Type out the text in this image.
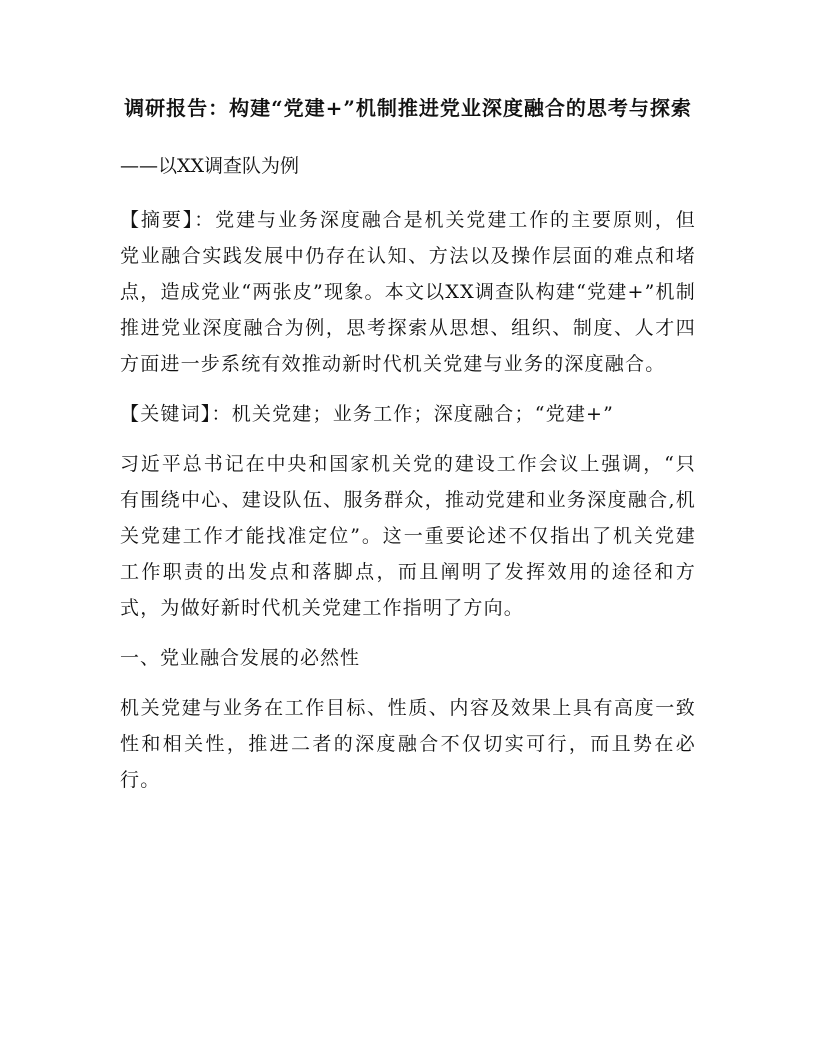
调研报告：构建“党建+”机制推进党业深度融合的思考与探索
——以XX调查队为例
【摘要】：党建与业务深度融合是机关党建工作的主要原则，但党业融合实践发展中仍存在认知、方法以及操作层面的难点和堵点，造成党业“两张皮”现象。本文以XX调查队构建“党建+”机制推进党业深度融合为例，思考探索从思想、组织、制度、人才四方面进一步系统有效推动新时代机关党建与业务的深度融合。
【关键词】：机关党建；业务工作；深度融合；“党建+”
习近平总书记在中央和国家机关党的建设工作会议上强调，“只有围绕中心、建设队伍、服务群众，推动党建和业务深度融合,机关党建工作才能找准定位”。这一重要论述不仅指出了机关党建工作职责的出发点和落脚点，而且阐明了发挥效用的途径和方式，为做好新时代机关党建工作指明了方向。
一、党业融合发展的必然性
机关党建与业务在工作目标、性质、内容及效果上具有高度一致性和相关性，推进二者的深度融合不仅切实可行，而且势在必行。
